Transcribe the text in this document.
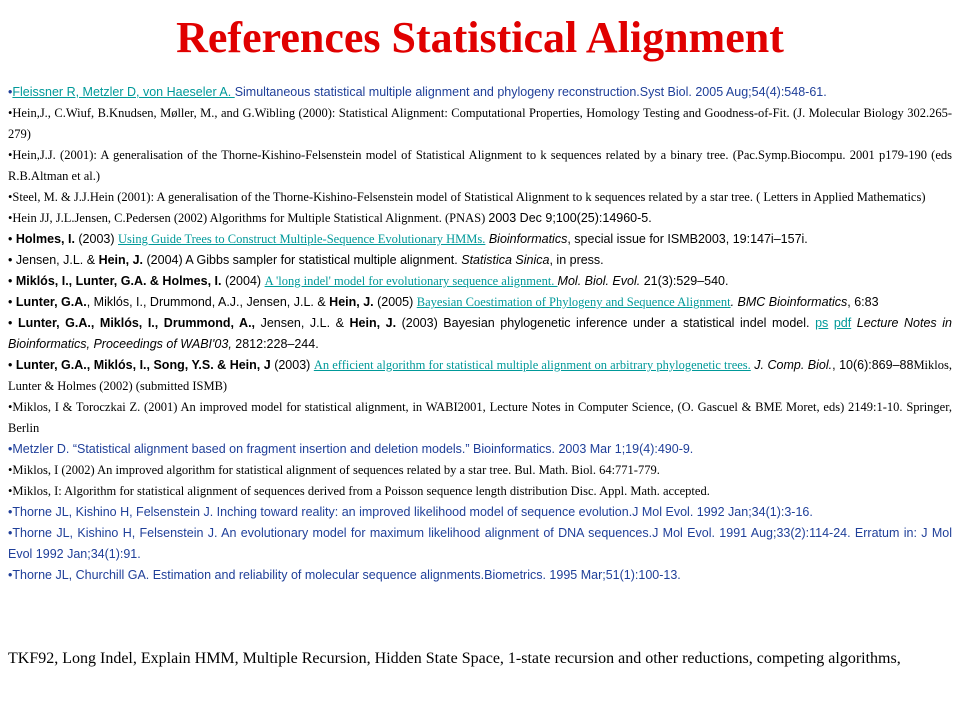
References Statistical Alignment
•Fleissner R, Metzler D, von Haeseler A. Simultaneous statistical multiple alignment and phylogeny reconstruction.Syst Biol. 2005 Aug;54(4):548-61.
•Hein,J., C.Wiuf, B.Knudsen, Møller, M., and G.Wibling (2000): Statistical Alignment: Computational Properties, Homology Testing and Goodness-of-Fit. (J. Molecular Biology 302.265-279)
•Hein,J.J. (2001): A generalisation of the Thorne-Kishino-Felsenstein model of Statistical Alignment to k sequences related by a binary tree. (Pac.Symp.Biocompu. 2001 p179-190 (eds R.B.Altman et al.)
•Steel, M. & J.J.Hein (2001): A generalisation of the Thorne-Kishino-Felsenstein model of Statistical Alignment to k sequences related by a star tree. ( Letters in Applied Mathematics)
•Hein JJ, J.L.Jensen, C.Pedersen (2002) Algorithms for Multiple Statistical Alignment. (PNAS) 2003 Dec 9;100(25):14960-5.
• Holmes, I. (2003) Using Guide Trees to Construct Multiple-Sequence Evolutionary HMMs. Bioinformatics, special issue for ISMB2003, 19:147i–157i.
• Jensen, J.L. & Hein, J. (2004) A Gibbs sampler for statistical multiple alignment. Statistica Sinica, in press.
• Miklós, I., Lunter, G.A. & Holmes, I. (2004) A 'long indel' model for evolutionary sequence alignment. Mol. Biol. Evol. 21(3):529–540.
• Lunter, G.A., Miklós, I., Drummond, A.J., Jensen, J.L. & Hein, J. (2005) Bayesian Coestimation of Phylogeny and Sequence Alignment. BMC Bioinformatics, 6:83
• Lunter, G.A., Miklós, I., Drummond, A., Jensen, J.L. & Hein, J. (2003) Bayesian phylogenetic inference under a statistical indel model. ps pdf Lecture Notes in Bioinformatics, Proceedings of WABI'03, 2812:228–244.
• Lunter, G.A., Miklós, I., Song, Y.S. & Hein, J (2003) An efficient algorithm for statistical multiple alignment on arbitrary phylogenetic trees. J. Comp. Biol., 10(6):869–88Miklos, Lunter & Holmes (2002) (submitted ISMB)
•Miklos, I & Toroczkai Z. (2001) An improved model for statistical alignment, in WABI2001, Lecture Notes in Computer Science, (O. Gascuel & BME Moret, eds) 2149:1-10. Springer, Berlin
•Metzler D. “Statistical alignment based on fragment insertion and deletion models.” Bioinformatics. 2003 Mar 1;19(4):490-9.
•Miklos, I (2002) An improved algorithm for statistical alignment of sequences related by a star tree. Bul. Math. Biol. 64:771-779.
•Miklos, I: Algorithm for statistical alignment of sequences derived from a Poisson sequence length distribution Disc. Appl. Math. accepted.
•Thorne JL, Kishino H, Felsenstein J. Inching toward reality: an improved likelihood model of sequence evolution.J Mol Evol. 1992 Jan;34(1):3-16.
•Thorne JL, Kishino H, Felsenstein J. An evolutionary model for maximum likelihood alignment of DNA sequences.J Mol Evol. 1991 Aug;33(2):114-24. Erratum in: J Mol Evol 1992 Jan;34(1):91.
•Thorne JL, Churchill GA. Estimation and reliability of molecular sequence alignments.Biometrics. 1995 Mar;51(1):100-13.
TKF92, Long Indel, Explain HMM, Multiple Recursion, Hidden State Space, 1-state recursion and other reductions, competing algorithms,
